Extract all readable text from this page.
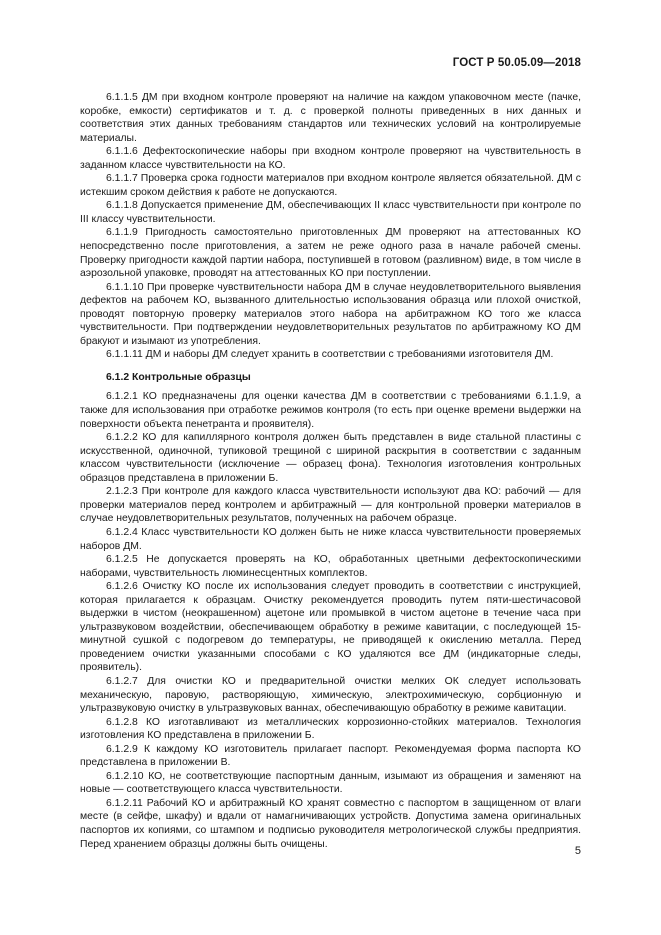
ГОСТ Р 50.05.09—2018

6.1.1.5 ДМ при входном контроле проверяют на наличие на каждом упаковочном месте (пачке, коробке, емкости) сертификатов и т. д. с проверкой полноты приведенных в них данных и соответствия этих данных требованиям стандартов или технических условий на контролируемые материалы.

6.1.1.6 Дефектоскопические наборы при входном контроле проверяют на чувствительность в заданном классе чувствительности на КО.

6.1.1.7 Проверка срока годности материалов при входном контроле является обязательной. ДМ с истекшим сроком действия к работе не допускаются.

6.1.1.8 Допускается применение ДМ, обеспечивающих II класс чувствительности при контроле по III классу чувствительности.

6.1.1.9 Пригодность самостоятельно приготовленных ДМ проверяют на аттестованных КО непосредственно после приготовления, а затем не реже одного раза в начале рабочей смены. Проверку пригодности каждой партии набора, поступившей в готовом (разливном) виде, в том числе в аэрозольной упаковке, проводят на аттестованных КО при поступлении.

6.1.1.10 При проверке чувствительности набора ДМ в случае неудовлетворительного выявления дефектов на рабочем КО, вызванного длительностью использования образца или плохой очисткой, проводят повторную проверку материалов этого набора на арбитражном КО того же класса чувствительности. При подтверждении неудовлетворительных результатов по арбитражному КО ДМ бракуют и изымают из употребления.

6.1.1.11 ДМ и наборы ДМ следует хранить в соответствии с требованиями изготовителя ДМ.

6.1.2 Контрольные образцы

6.1.2.1 КО предназначены для оценки качества ДМ в соответствии с требованиями 6.1.1.9, а также для использования при отработке режимов контроля (то есть при оценке времени выдержки на поверхности объекта пенетранта и проявителя).

6.1.2.2 КО для капиллярного контроля должен быть представлен в виде стальной пластины с искусственной, одиночной, тупиковой трещиной с шириной раскрытия в соответствии с заданным классом чувствительности (исключение — образец фона). Технология изготовления контрольных образцов представлена в приложении Б.

2.1.2.3 При контроле для каждого класса чувствительности используют два КО: рабочий — для проверки материалов перед контролем и арбитражный — для контрольной проверки материалов в случае неудовлетворительных результатов, полученных на рабочем образце.

6.1.2.4 Класс чувствительности КО должен быть не ниже класса чувствительности проверяемых наборов ДМ.

6.1.2.5 Не допускается проверять на КО, обработанных цветными дефектоскопическими наборами, чувствительность люминесцентных комплектов.

6.1.2.6 Очистку КО после их использования следует проводить в соответствии с инструкцией, которая прилагается к образцам. Очистку рекомендуется проводить путем пяти-шестичасовой выдержки в чистом (неокрашенном) ацетоне или промывкой в чистом ацетоне в течение часа при ультразвуковом воздействии, обеспечивающем обработку в режиме кавитации, с последующей 15-минутной сушкой с подогревом до температуры, не приводящей к окислению металла. Перед проведением очистки указанными способами с КО удаляются все ДМ (индикаторные следы, проявитель).

6.1.2.7 Для очистки КО и предварительной очистки мелких ОК следует использовать механическую, паровую, растворяющую, химическую, электрохимическую, сорбционную и ультразвуковую очистку в ультразвуковых ваннах, обеспечивающую обработку в режиме кавитации.

6.1.2.8 КО изготавливают из металлических коррозионно-стойких материалов. Технология изготовления КО представлена в приложении Б.

6.1.2.9 К каждому КО изготовитель прилагает паспорт. Рекомендуемая форма паспорта КО представлена в приложении В.

6.1.2.10 КО, не соответствующие паспортным данным, изымают из обращения и заменяют на новые — соответствующего класса чувствительности.

6.1.2.11 Рабочий КО и арбитражный КО хранят совместно с паспортом в защищенном от влаги месте (в сейфе, шкафу) и вдали от намагничивающих устройств. Допустима замена оригинальных паспортов их копиями, со штампом и подписью руководителя метрологической службы предприятия. Перед хранением образцы должны быть очищены.

5
